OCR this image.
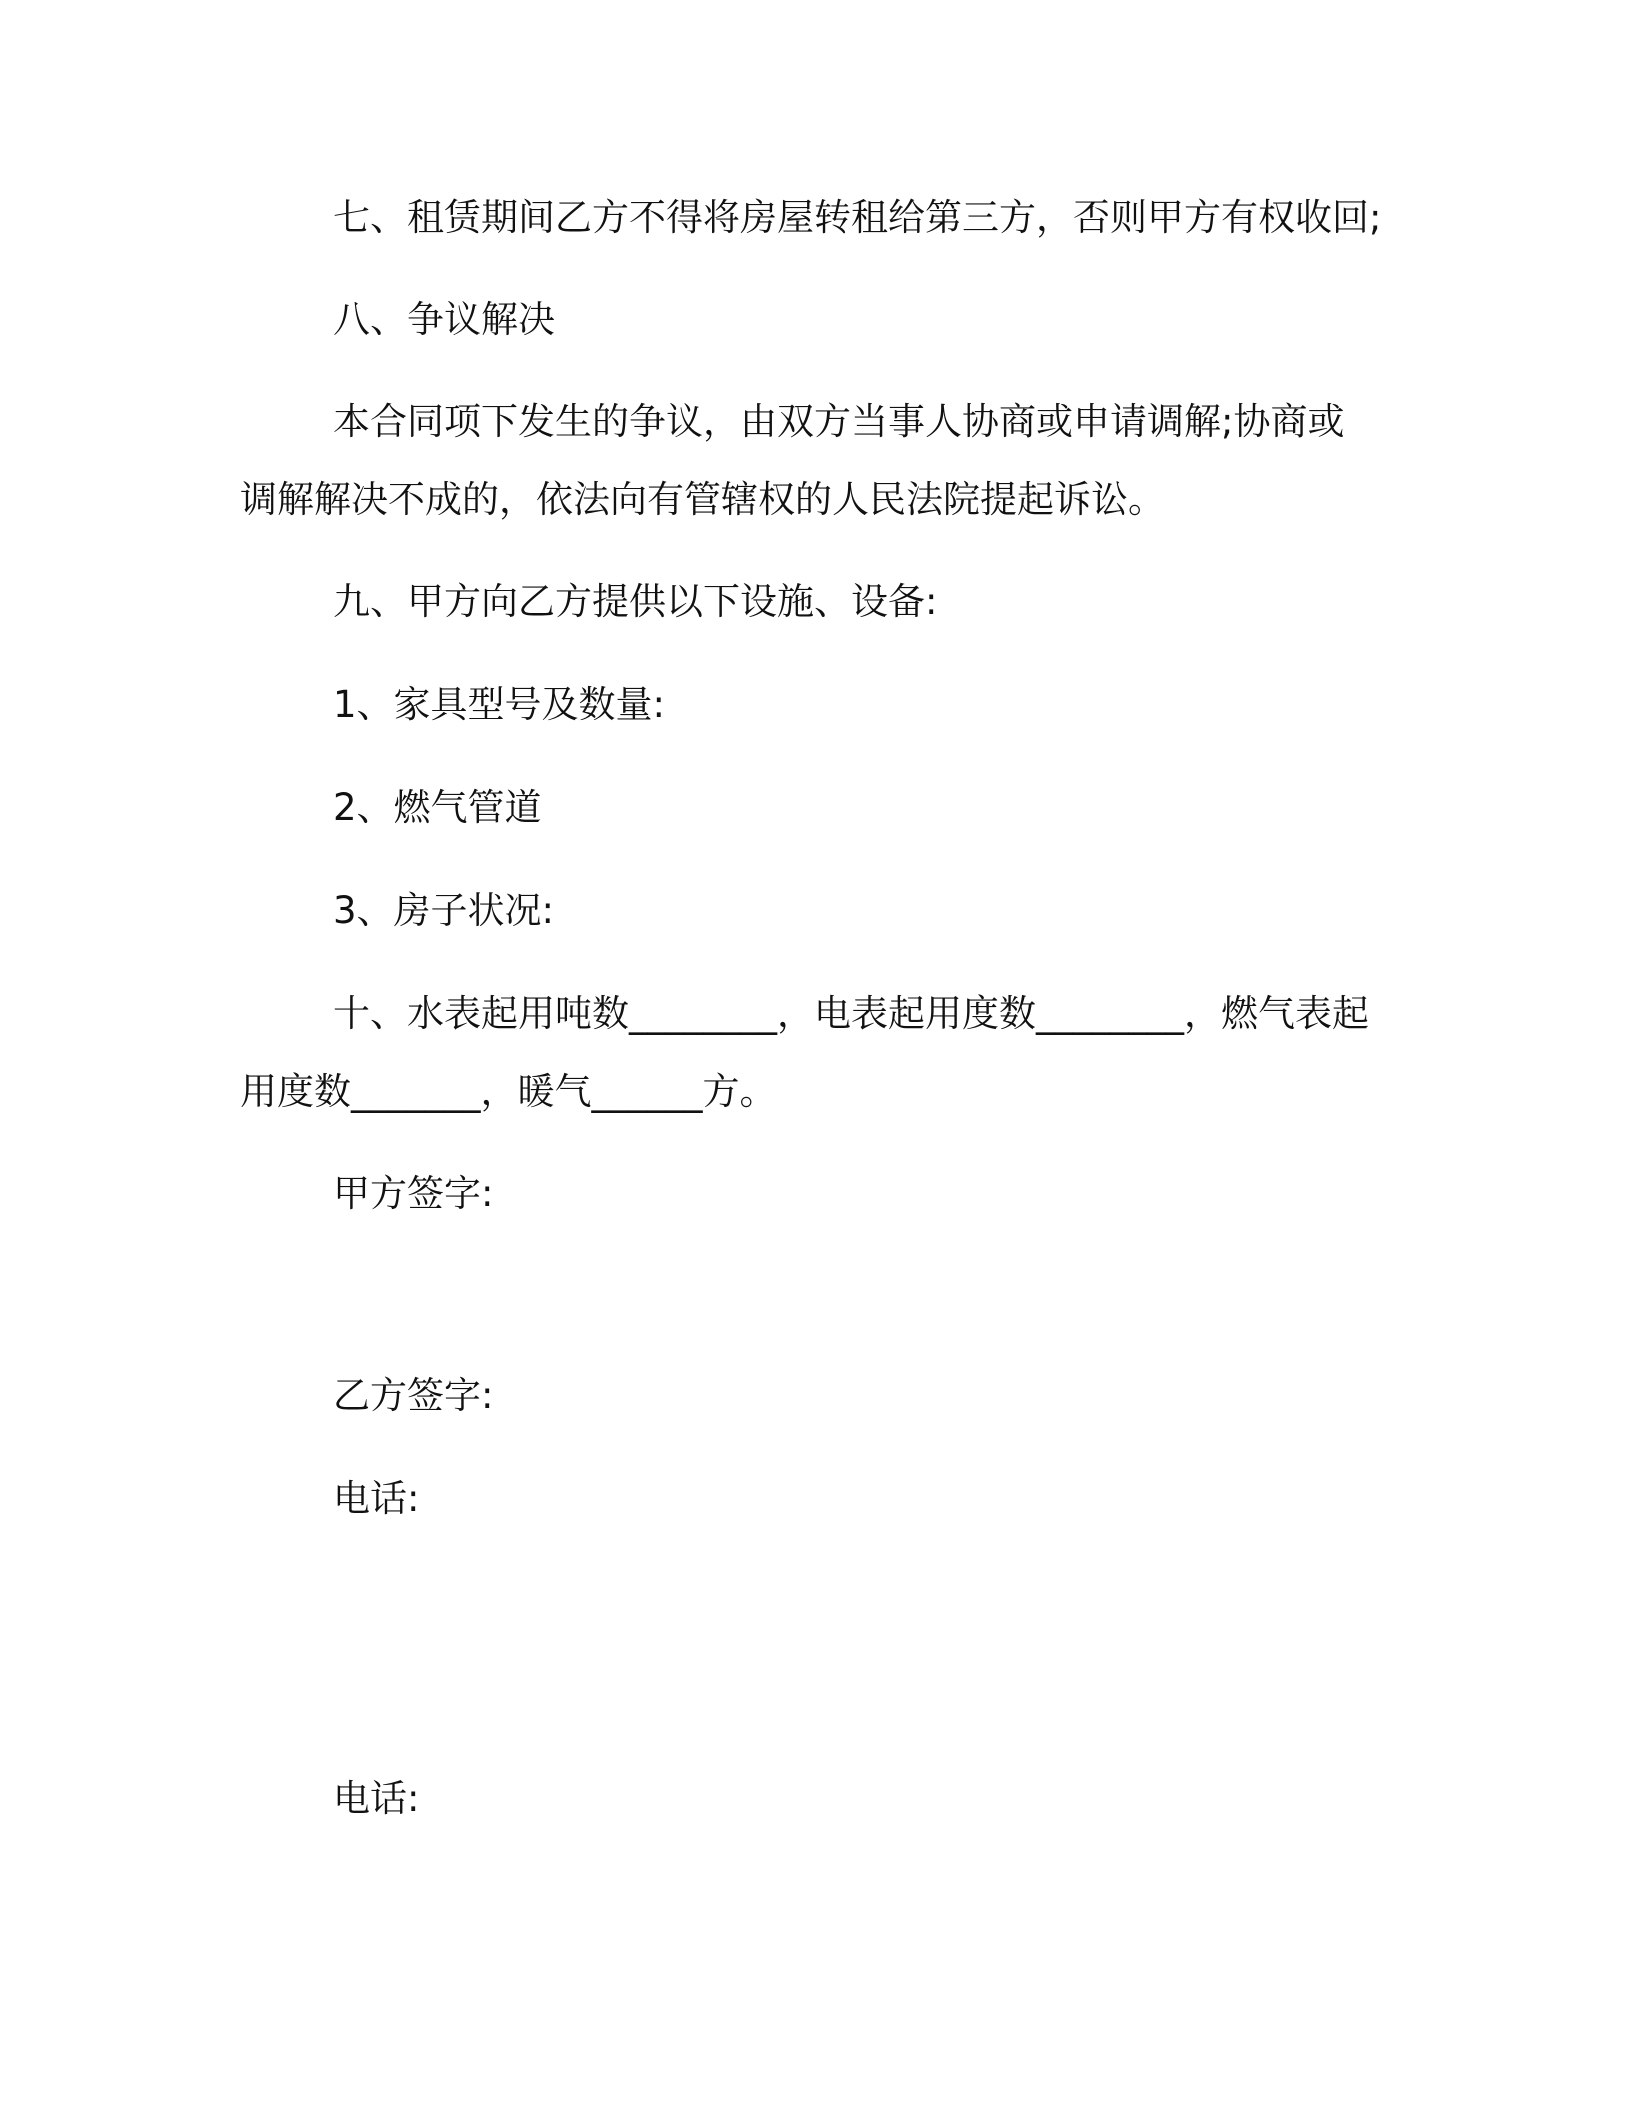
七、租赁期间乙方不得将房屋转租给第三方，否则甲方有权收回;
八、争议解决
本合同项下发生的争议，由双方当事人协商或申请调解;协商或
调解解决不成的，依法向有管辖权的人民法院提起诉讼。
九、甲方向乙方提供以下设施、设备:
1、家具型号及数量:
2、燃气管道
3、房子状况:
十、水表起用吨数________，电表起用度数________，燃气表起
用度数_______，暖气______方。
甲方签字:
乙方签字:
电话:
电话:
